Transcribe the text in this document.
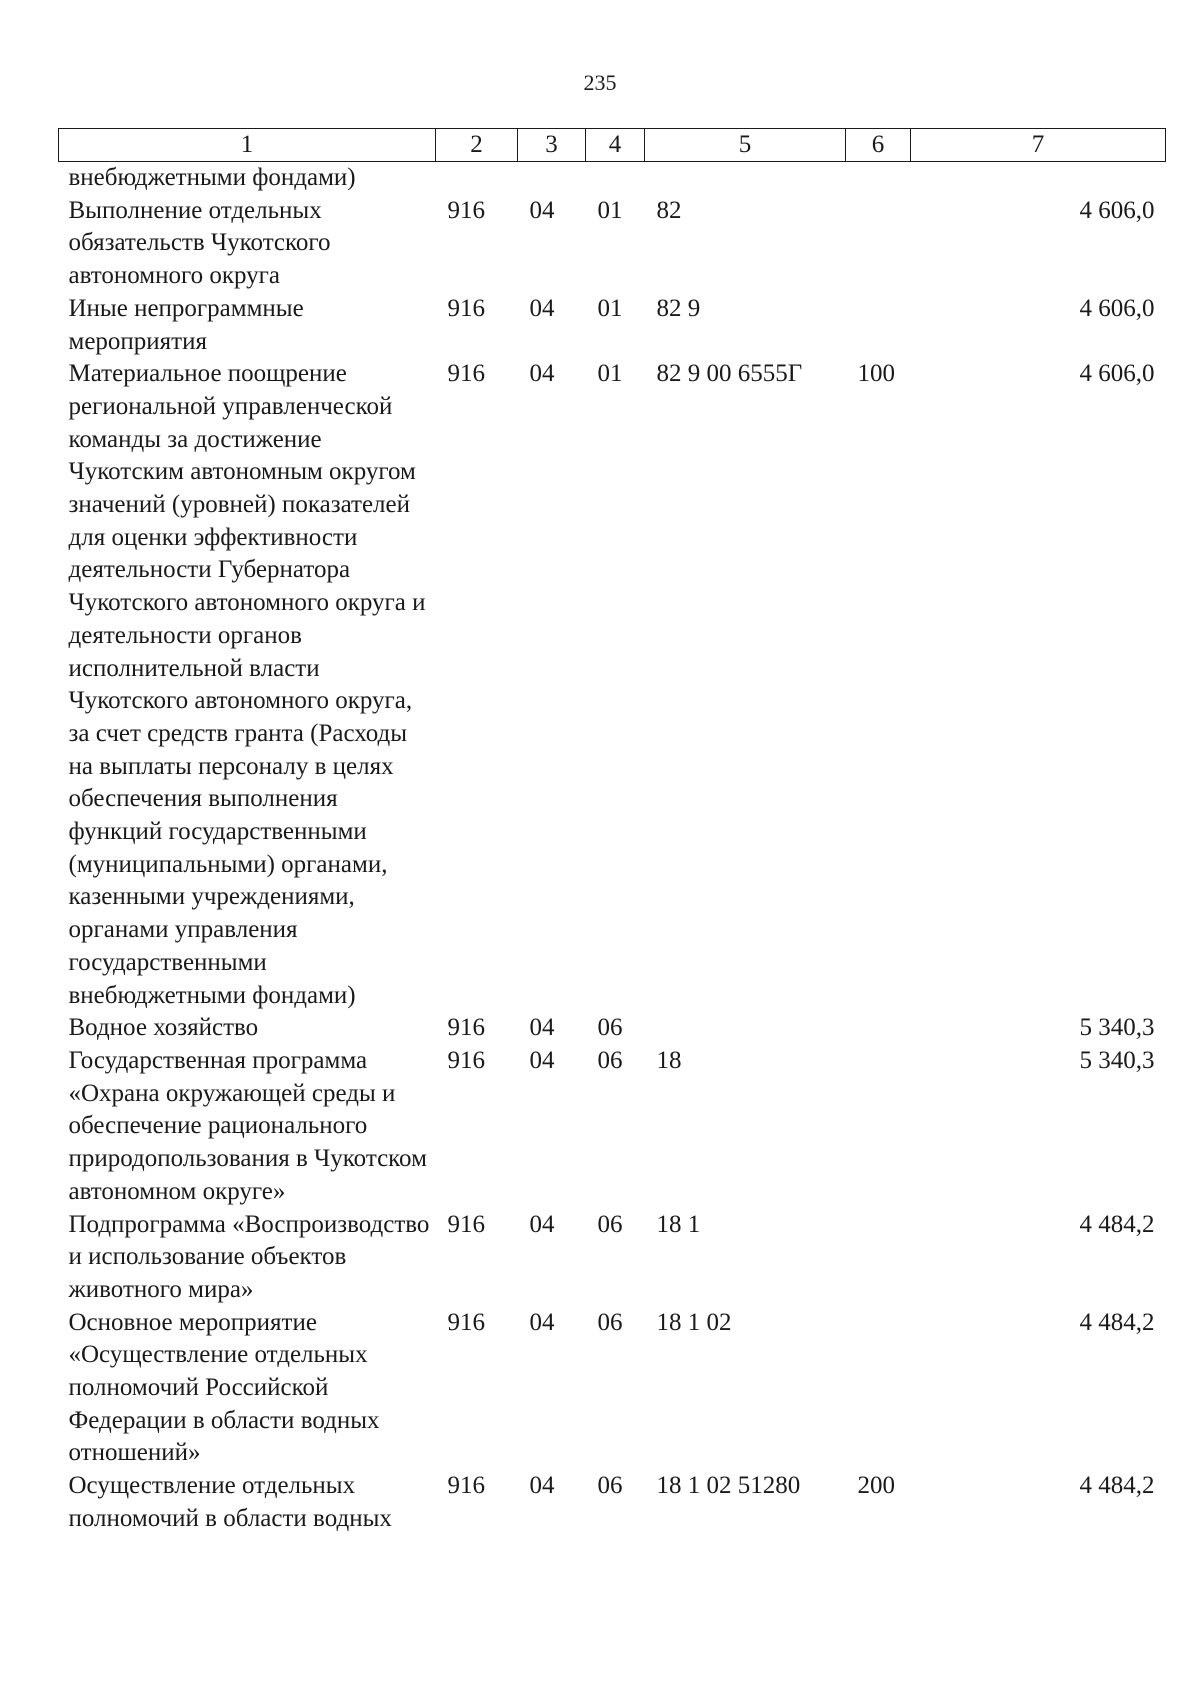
235
1	2	3	4	5	6	7
внебюджетными фондами)						
Выполнение отдельных обязательств Чукотского автономного округа	916	04	01	82		4 606,0
Иные непрограммные мероприятия	916	04	01	82 9		4 606,0
Материальное поощрение региональной управленческой команды за достижение Чукотским автономным округом значений (уровней) показателей для оценки эффективности деятельности Губернатора Чукотского автономного округа и деятельности органов исполнительной власти Чукотского автономного округа, за счет средств гранта (Расходы на выплаты персоналу в целях обеспечения выполнения функций государственными (муниципальными) органами, казенными учреждениями, органами управления государственными внебюджетными фондами)	916	04	01	82 9 00 6555Г	100	4 606,0
Водное хозяйство	916	04	06			5 340,3
Государственная программа «Охрана окружающей среды и обеспечение рационального природопользования в Чукотском автономном округе»	916	04	06	18		5 340,3
Подпрограмма «Воспроизводство и использование объектов животного мира»	916	04	06	18 1		4 484,2
Основное мероприятие «Осуществление отдельных полномочий Российской Федерации в области водных отношений»	916	04	06	18 1 02		4 484,2
Осуществление отдельных полномочий в области водных	916	04	06	18 1 02 51280	200	4 484,2
